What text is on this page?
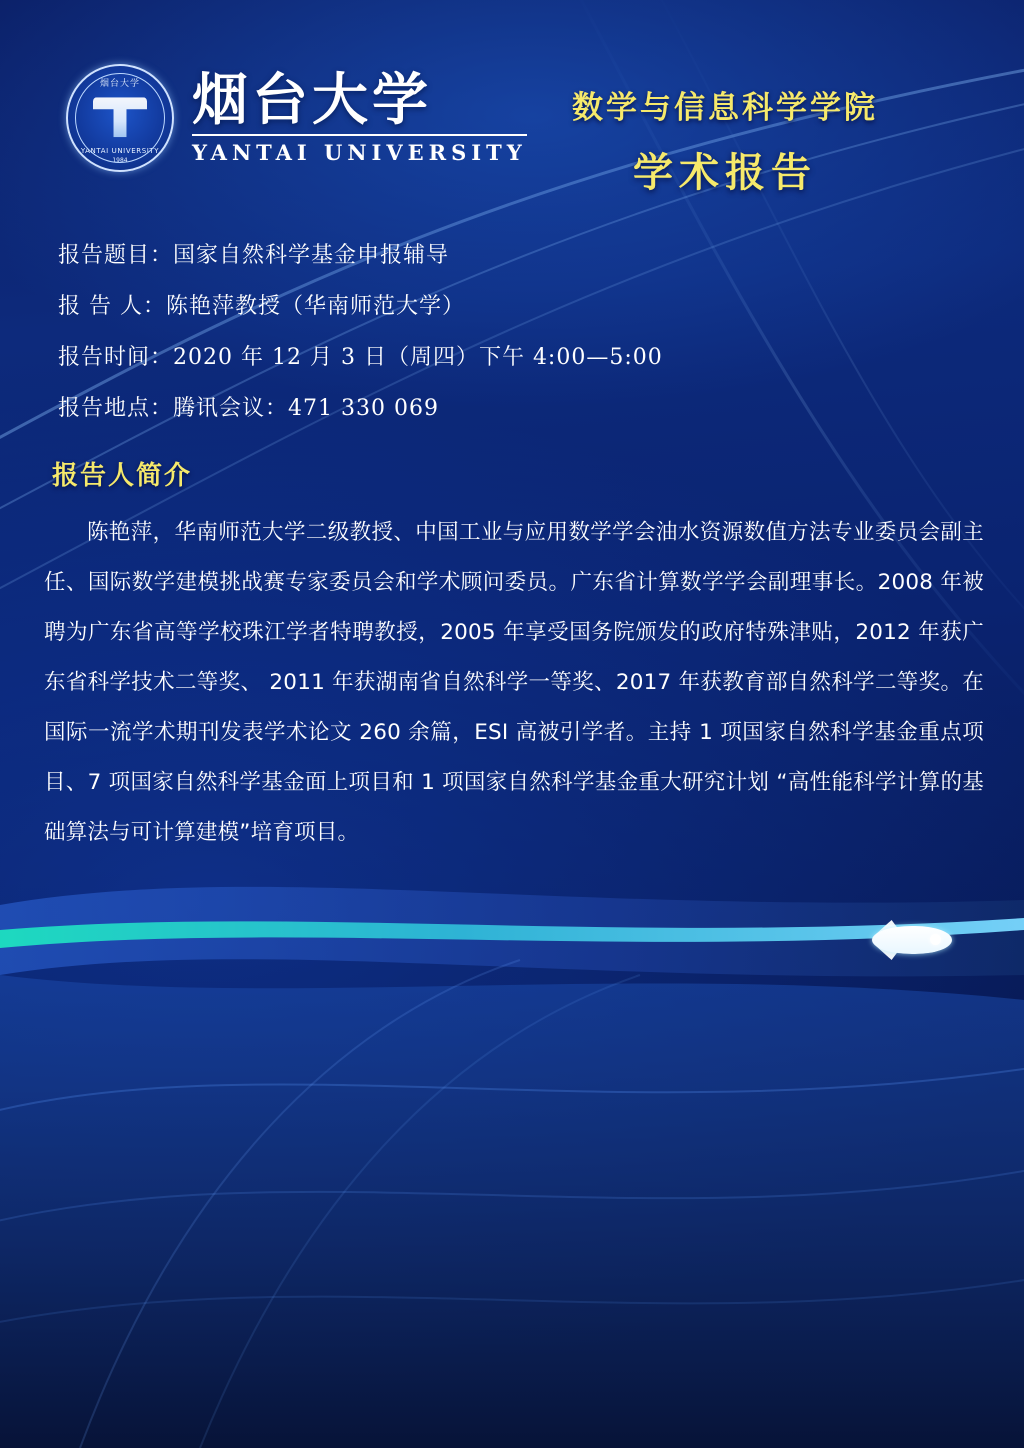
烟台大学
YANTAI UNIVERSITY
1984
烟台大学
YANTAI UNIVERSITY
数学与信息科学学院
学术报告
报告题目：国家自然科学基金申报辅导
报 告 人：陈艳萍教授（华南师范大学）
报告时间：2020 年 12 月 3 日（周四）下午 4:00—5:00
报告地点：腾讯会议：471 330 069
报告人简介
陈艳萍，华南师范大学二级教授、中国工业与应用数学学会油水资源数值方法专业委员会副主任、国际数学建模挑战赛专家委员会和学术顾问委员。广东省计算数学学会副理事长。2008 年被聘为广东省高等学校珠江学者特聘教授，2005 年享受国务院颁发的政府特殊津贴，2012 年获广东省科学技术二等奖、 2011 年获湖南省自然科学一等奖、2017 年获教育部自然科学二等奖。在国际一流学术期刊发表学术论文 260 余篇，ESI 高被引学者。主持 1 项国家自然科学基金重点项目、7 项国家自然科学基金面上项目和 1 项国家自然科学基金重大研究计划 “高性能科学计算的基础算法与可计算建模”培育项目。
